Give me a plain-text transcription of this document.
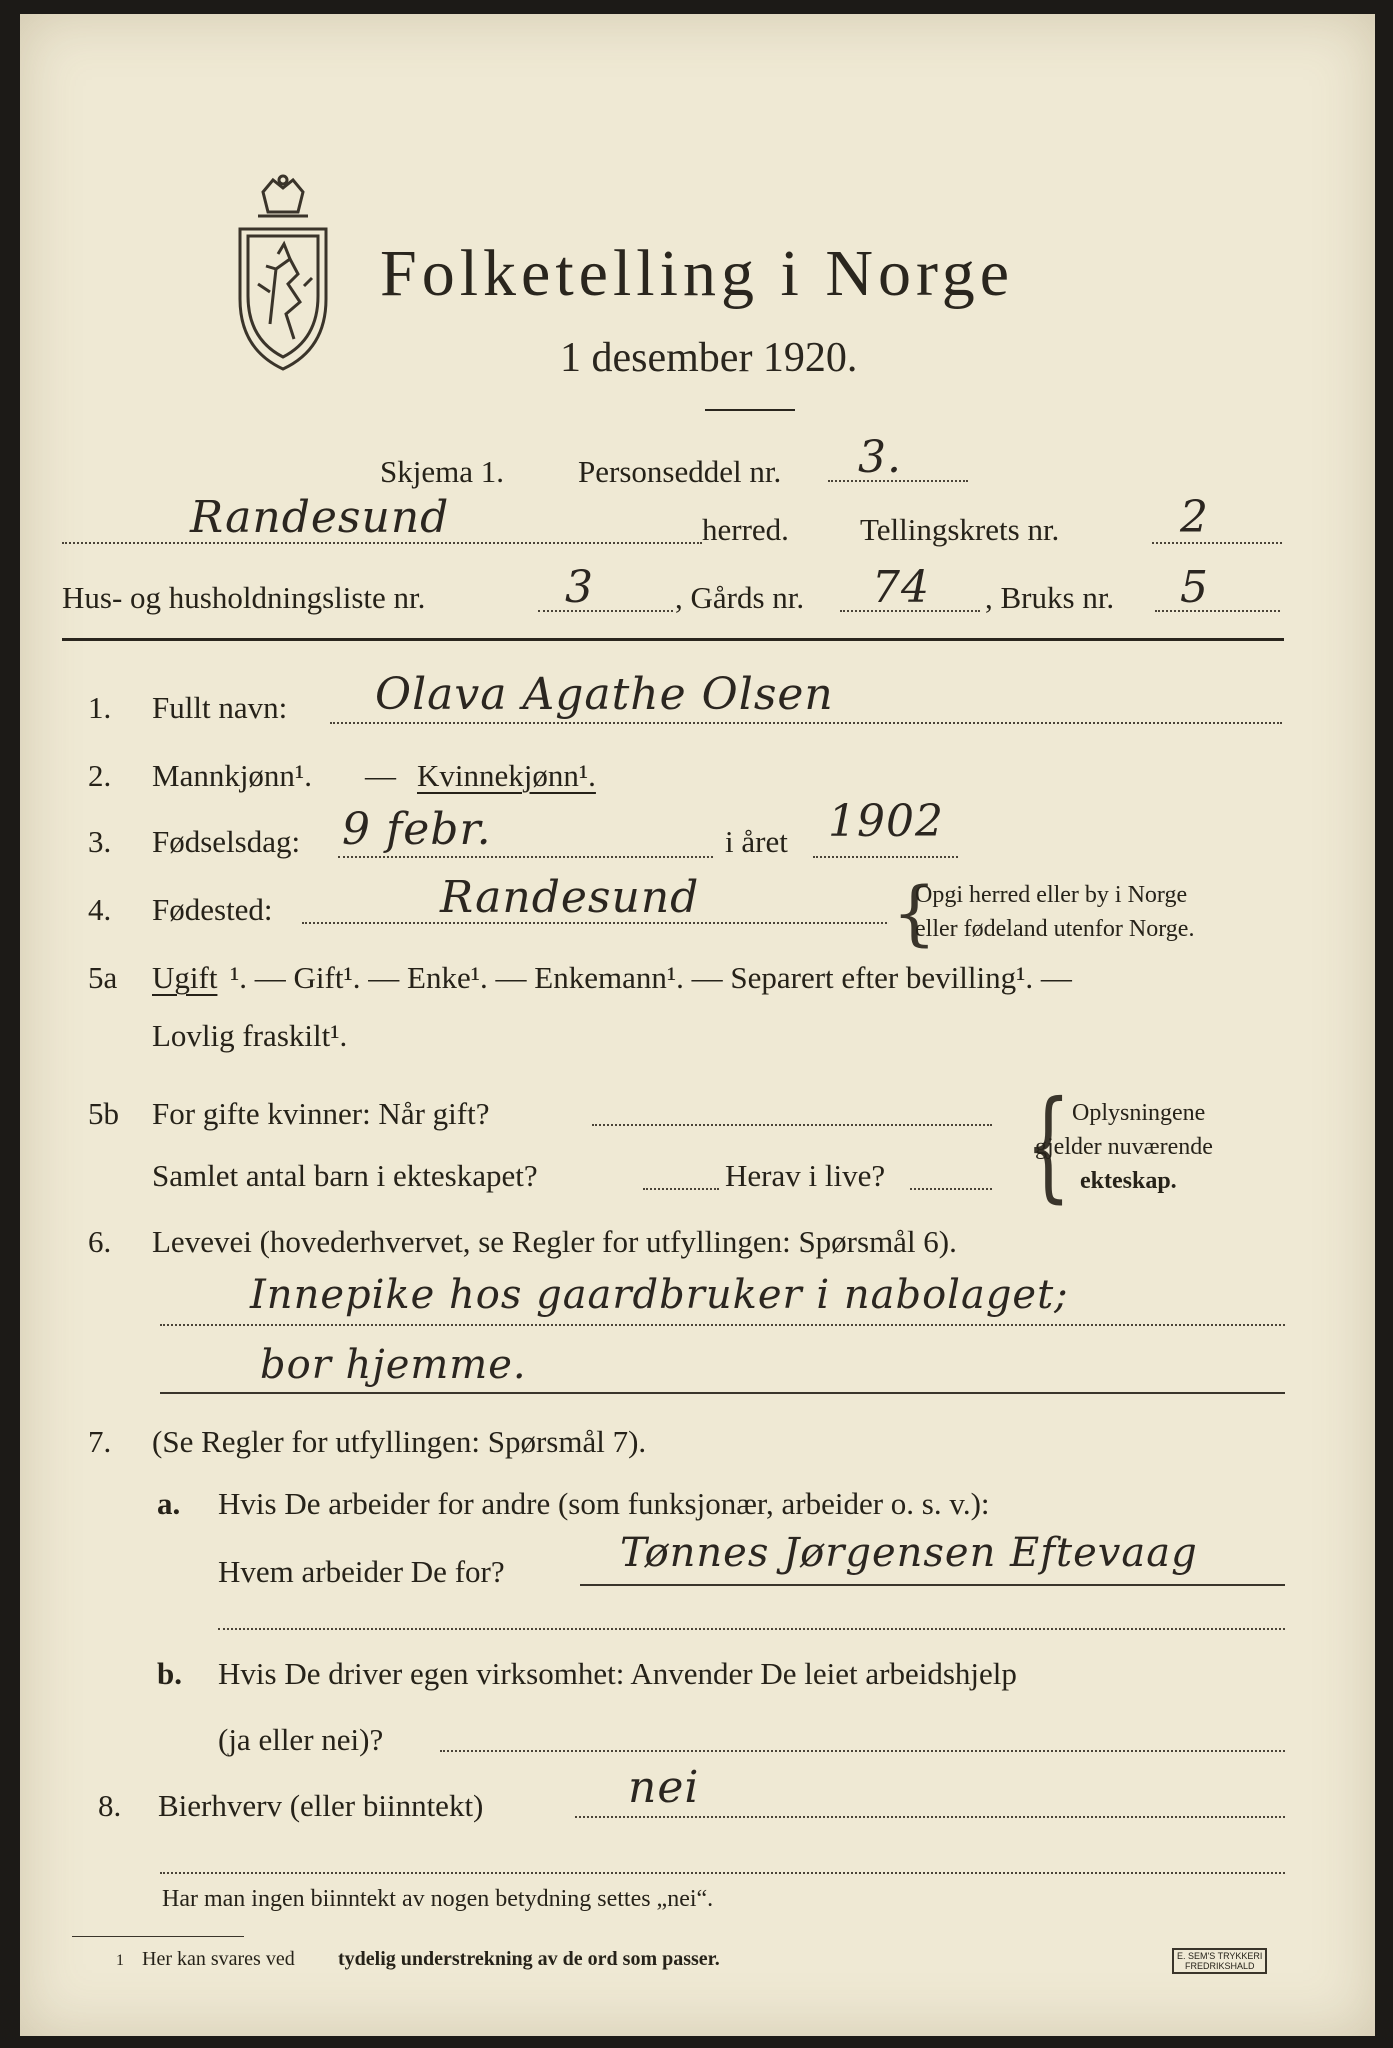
Folketelling i Norge
1 desember 1920.
Skjema 1. Personseddel nr. 3.
Randesund	herred. Tellingskrets nr.	2
Hus- og husholdningsliste nr.	3	, Gårds nr. 74 , Bruks nr. 5
1. Fullt navn: Olava Agathe Olsen
2. Mannkjønn¹. — Kvinnekjønn¹.
3. Fødselsdag: 9 febr.	i året 1902
4. Fødested:	Randesund	{
Opgi herred eller by i Norge
eller fødeland utenfor Norge.
5a Ugift ¹. — Gift¹. — Enke¹. — Enkemann¹. — Separert efter bevilling¹. —
Lovlig fraskilt¹.
5b For gifte kvinner: Når gift?
Samlet antal barn i ekteskapet?	Herav i live? { Oplysningene
gjelder nuværende
ekteskap.
6. Levevei (hovederhvervet, se Regler for utfyllingen: Spørsmål 6).
Innepike hos gaardbruker i nabolaget;
bor hjemme.
7. (Se Regler for utfyllingen: Spørsmål 7).
a. Hvis De arbeider for andre (som funksjonær, arbeider o. s. v.):
Hvem arbeider De for?	Tønnes Jørgensen Eftevaag
b. Hvis De driver egen virksomhet: Anvender De leiet arbeidshjelp
(ja eller nei)?
8. Bierhverv (eller biinntekt)	nei
Har man ingen biinntekt av nogen betydning settes „nei“.
1 Her kan svares ved tydelig understrekning av de ord som passer.	E. SEM'S TRYKKERI
FREDRIKSHALD
